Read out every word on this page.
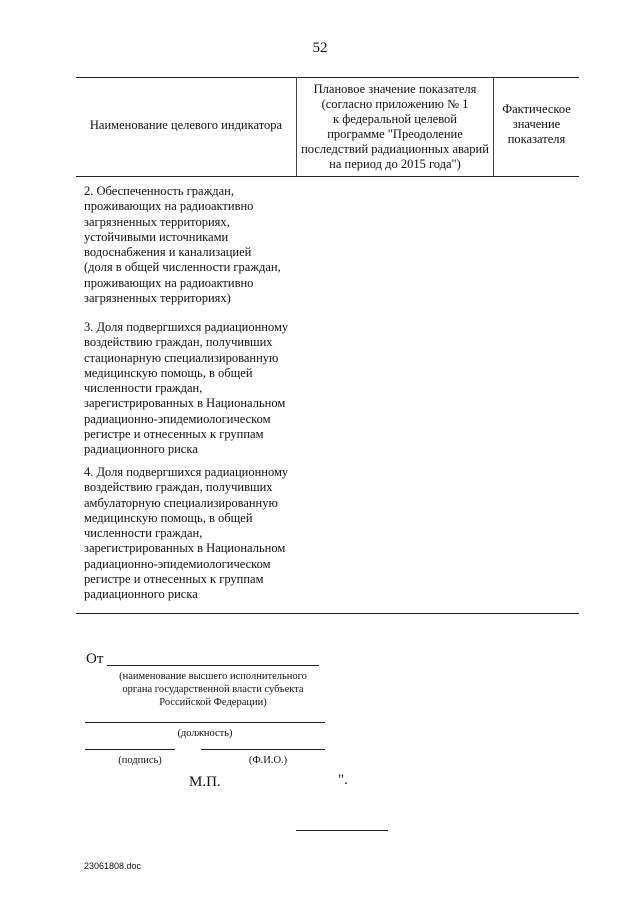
52
Наименование целевого индикатора
Плановое значение показателя
(согласно приложению № 1
к федеральной целевой
программе "Преодоление
последствий радиационных аварий
на период до 2015 года")
Фактическое
значение
показателя
2. Обеспеченность граждан,
проживающих на радиоактивно
загрязненных территориях,
устойчивыми источниками
водоснабжения и канализацией
(доля в общей численности граждан,
проживающих на радиоактивно
загрязненных территориях)
3. Доля подвергшихся радиационному
воздействию граждан, получивших
стационарную специализированную
медицинскую помощь, в общей
численности граждан,
зарегистрированных в Национальном
радиационно-эпидемиологическом
регистре и отнесенных к группам
радиационного риска
4. Доля подвергшихся радиационному
воздействию граждан, получивших
амбулаторную специализированную
медицинскую помощь, в общей
численности граждан,
зарегистрированных в Национальном
радиационно-эпидемиологическом
регистре и отнесенных к группам
радиационного риска
От
(наименование высшего исполнительного
органа государственной власти субъекта
Российской Федерации)
(должность)
(подпись)	(Ф.И.О.)
М.П.	".
23061808.doc
